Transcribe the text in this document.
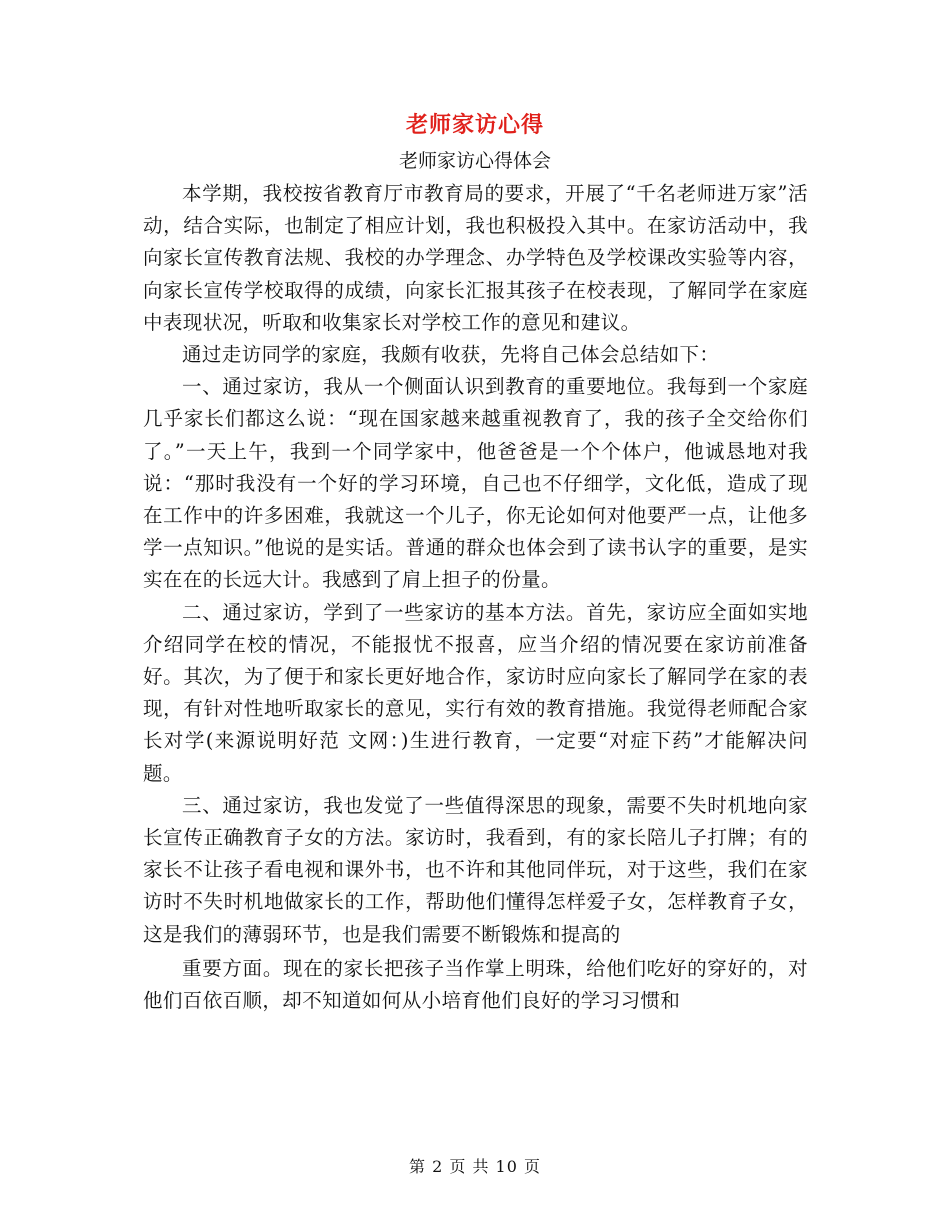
老师家访心得
老师家访心得体会

本学期，我校按省教育厅市教育局的要求，开展了“千名老师进万家”活动，结合实际，也制定了相应计划，我也积极投入其中。在家访活动中，我向家长宣传教育法规、我校的办学理念、办学特色及学校课改实验等内容，向家长宣传学校取得的成绩，向家长汇报其孩子在校表现，了解同学在家庭中表现状况，听取和收集家长对学校工作的意见和建议。

通过走访同学的家庭，我颇有收获，先将自己体会总结如下：

一、通过家访，我从一个侧面认识到教育的重要地位。我每到一个家庭几乎家长们都这么说：“现在国家越来越重视教育了，我的孩子全交给你们了。”一天上午，我到一个同学家中，他爸爸是一个个体户，他诚恳地对我说：“那时我没有一个好的学习环境，自己也不仔细学，文化低，造成了现在工作中的许多困难，我就这一个儿子，你无论如何对他要严一点，让他多学一点知识。”他说的是实话。普通的群众也体会到了读书认字的重要，是实实在在的长远大计。我感到了肩上担子的份量。

二、通过家访，学到了一些家访的基本方法。首先，家访应全面如实地介绍同学在校的情况，不能报忧不报喜，应当介绍的情况要在家访前准备好。其次，为了便于和家长更好地合作，家访时应向家长了解同学在家的表现，有针对性地听取家长的意见，实行有效的教育措施。我觉得老师配合家长对学(来源说明好范 文网：)生进行教育，一定要“对症下药”才能解决问题。

三、通过家访，我也发觉了一些值得深思的现象，需要不失时机地向家长宣传正确教育子女的方法。家访时，我看到，有的家长陪儿子打牌；有的家长不让孩子看电视和课外书，也不许和其他同伴玩，对于这些，我们在家访时不失时机地做家长的工作，帮助他们懂得怎样爱子女，怎样教育子女，这是我们的薄弱环节，也是我们需要不断锻炼和提高的

重要方面。现在的家长把孩子当作掌上明珠，给他们吃好的穿好的，对他们百依百顺，却不知道如何从小培育他们良好的学习习惯和

第 2 页 共 10 页
